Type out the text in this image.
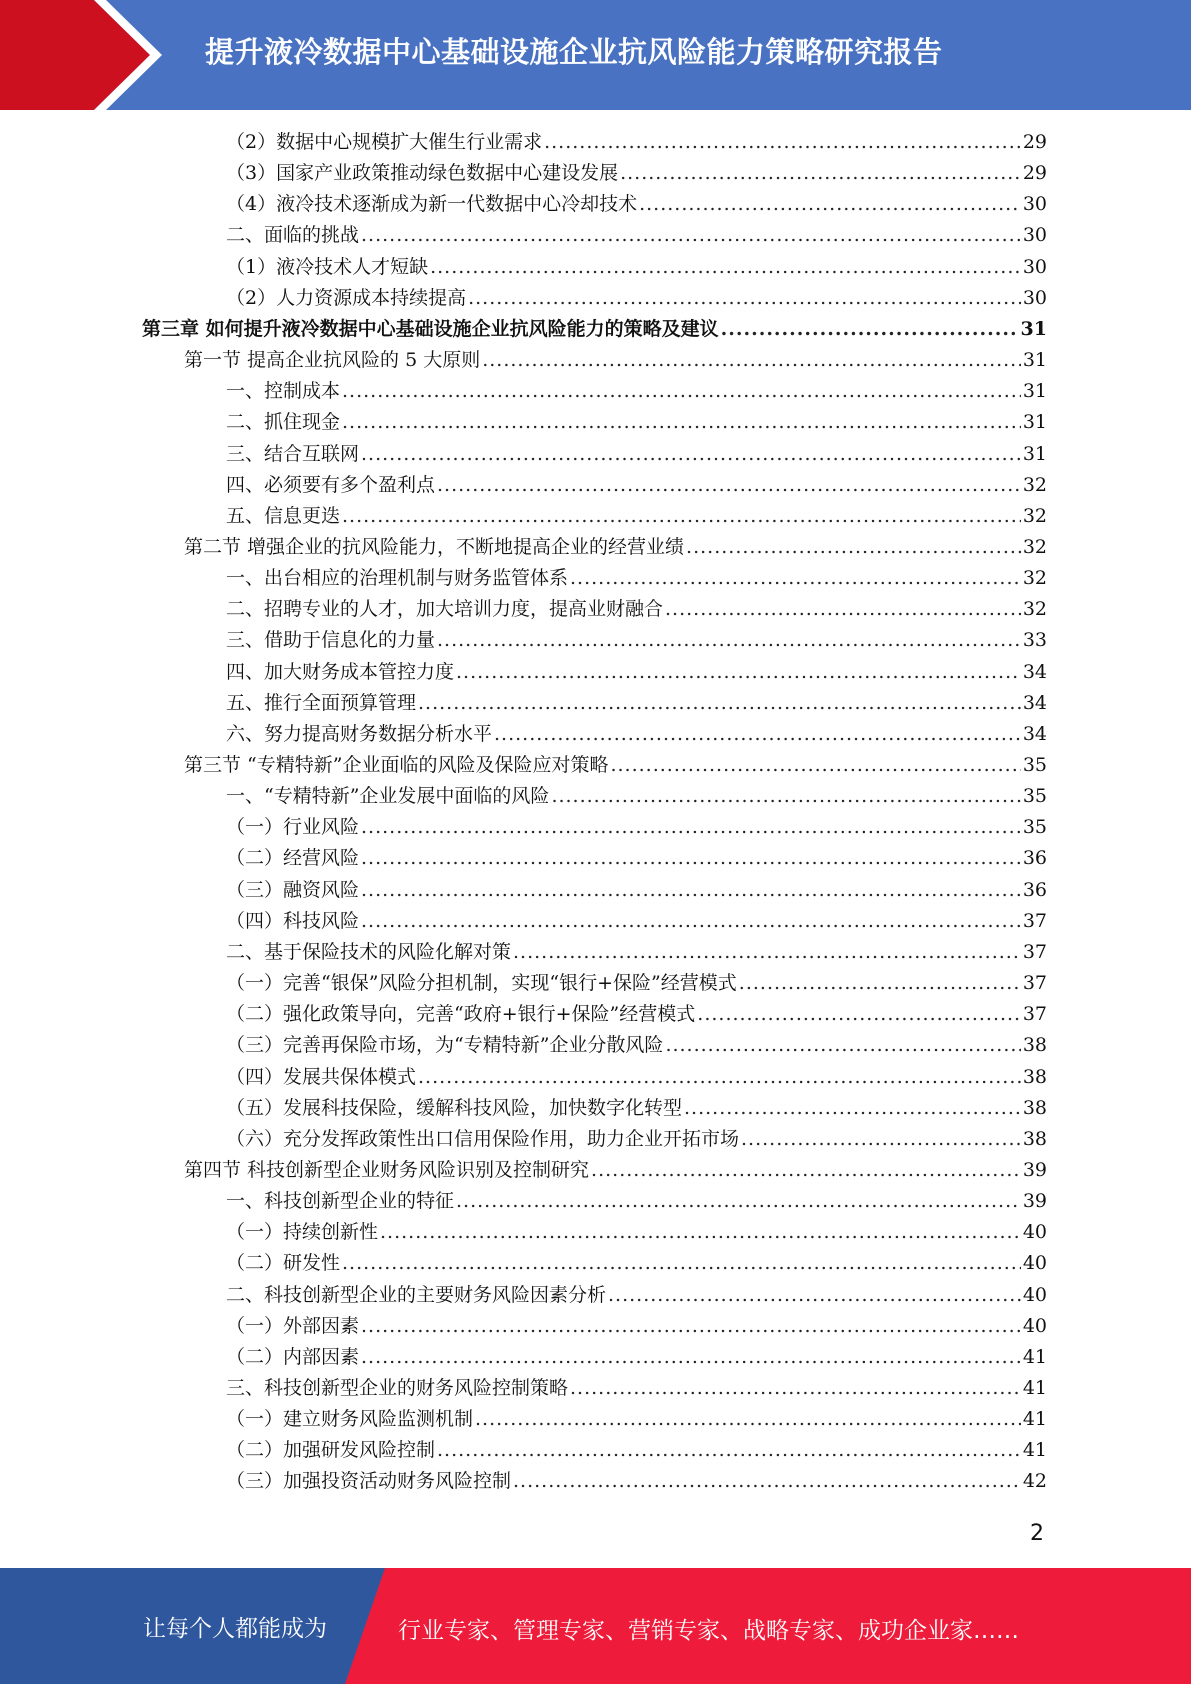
提升液冷数据中心基础设施企业抗风险能力策略研究报告
（2）数据中心规模扩大催生行业需求 .....	29
（3）国家产业政策推动绿色数据中心建设发展 .....	29
（4）液冷技术逐渐成为新一代数据中心冷却技术 .....	30
二、面临的挑战 .....	30
（1）液冷技术人才短缺 .....	30
（2）人力资源成本持续提高 .....	30
第三章 如何提升液冷数据中心基础设施企业抗风险能力的策略及建议 .....	31
第一节 提高企业抗风险的 5 大原则 .....	31
一、控制成本 .....	31
二、抓住现金 .....	31
三、结合互联网 .....	31
四、必须要有多个盈利点 .....	32
五、信息更迭 .....	32
第二节 增强企业的抗风险能力，不断地提高企业的经营业绩 .....	32
一、出台相应的治理机制与财务监管体系 .....	32
二、招聘专业的人才，加大培训力度，提高业财融合 .....	32
三、借助于信息化的力量 .....	33
四、加大财务成本管控力度 .....	34
五、推行全面预算管理 .....	34
六、努力提高财务数据分析水平 .....	34
第三节 “专精特新”企业面临的风险及保险应对策略 .....	35
一、“专精特新”企业发展中面临的风险 .....	35
（一）行业风险 .....	35
（二）经营风险 .....	36
（三）融资风险 .....	36
（四）科技风险 .....	37
二、基于保险技术的风险化解对策 .....	37
（一）完善“银保”风险分担机制，实现“银行+保险”经营模式 .....	37
（二）强化政策导向，完善“政府+银行+保险”经营模式 .....	37
（三）完善再保险市场，为“专精特新”企业分散风险 .....	38
（四）发展共保体模式 .....	38
（五）发展科技保险，缓解科技风险，加快数字化转型 .....	38
（六）充分发挥政策性出口信用保险作用，助力企业开拓市场 .....	38
第四节 科技创新型企业财务风险识别及控制研究 .....	39
一、科技创新型企业的特征 .....	39
（一）持续创新性 .....	40
（二）研发性 .....	40
二、科技创新型企业的主要财务风险因素分析 .....	40
（一）外部因素 .....	40
（二）内部因素 .....	41
三、科技创新型企业的财务风险控制策略 .....	41
（一）建立财务风险监测机制 .....	41
（二）加强研发风险控制 .....	41
（三）加强投资活动财务风险控制 .....	42
2
让每个人都能成为	行业专家、管理专家、营销专家、战略专家、成功企业家……
